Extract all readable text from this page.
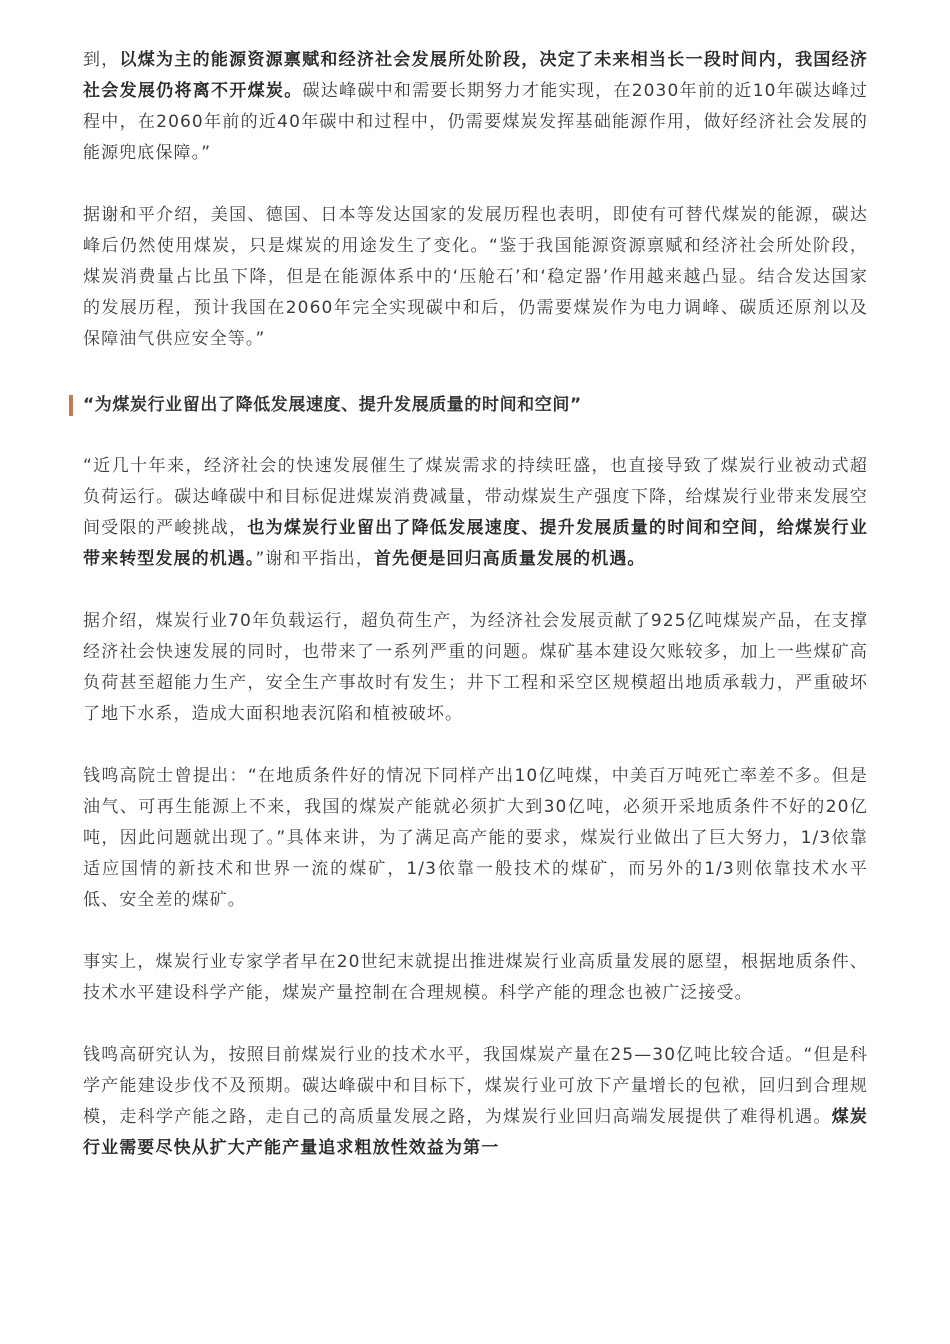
到，以煤为主的能源资源禀赋和经济社会发展所处阶段，决定了未来相当长一段时间内，我国经济社会发展仍将离不开煤炭。碳达峰碳中和需要长期努力才能实现，在2030年前的近10年碳达峰过程中，在2060年前的近40年碳中和过程中，仍需要煤炭发挥基础能源作用，做好经济社会发展的能源兜底保障。”

据谢和平介绍，美国、德国、日本等发达国家的发展历程也表明，即使有可替代煤炭的能源，碳达峰后仍然使用煤炭，只是煤炭的用途发生了变化。“鉴于我国能源资源禀赋和经济社会所处阶段，煤炭消费量占比虽下降，但是在能源体系中的‘压舱石’和‘稳定器’作用越来越凸显。结合发达国家的发展历程，预计我国在2060年完全实现碳中和后，仍需要煤炭作为电力调峰、碳质还原剂以及保障油气供应安全等。”

“为煤炭行业留出了降低发展速度、提升发展质量的时间和空间”

“近几十年来，经济社会的快速发展催生了煤炭需求的持续旺盛，也直接导致了煤炭行业被动式超负荷运行。碳达峰碳中和目标促进煤炭消费减量，带动煤炭生产强度下降，给煤炭行业带来发展空间受限的严峻挑战，也为煤炭行业留出了降低发展速度、提升发展质量的时间和空间，给煤炭行业带来转型发展的机遇。”谢和平指出，首先便是回归高质量发展的机遇。

据介绍，煤炭行业70年负载运行，超负荷生产，为经济社会发展贡献了925亿吨煤炭产品，在支撑经济社会快速发展的同时，也带来了一系列严重的问题。煤矿基本建设欠账较多，加上一些煤矿高负荷甚至超能力生产，安全生产事故时有发生；井下工程和采空区规模超出地质承载力，严重破坏了地下水系，造成大面积地表沉陷和植被破坏。

钱鸣高院士曾提出：“在地质条件好的情况下同样产出10亿吨煤，中美百万吨死亡率差不多。但是油气、可再生能源上不来，我国的煤炭产能就必须扩大到30亿吨，必须开采地质条件不好的20亿吨，因此问题就出现了。”具体来讲，为了满足高产能的要求，煤炭行业做出了巨大努力，1/3依靠适应国情的新技术和世界一流的煤矿，1/3依靠一般技术的煤矿，而另外的1/3则依靠技术水平低、安全差的煤矿。

事实上，煤炭行业专家学者早在20世纪末就提出推进煤炭行业高质量发展的愿望，根据地质条件、技术水平建设科学产能，煤炭产量控制在合理规模。科学产能的理念也被广泛接受。

钱鸣高研究认为，按照目前煤炭行业的技术水平，我国煤炭产量在25—30亿吨比较合适。“但是科学产能建设步伐不及预期。碳达峰碳中和目标下，煤炭行业可放下产量增长的包袱，回归到合理规模，走科学产能之路，走自己的高质量发展之路，为煤炭行业回归高端发展提供了难得机遇。煤炭行业需要尽快从扩大产能产量追求粗放性效益为第一
